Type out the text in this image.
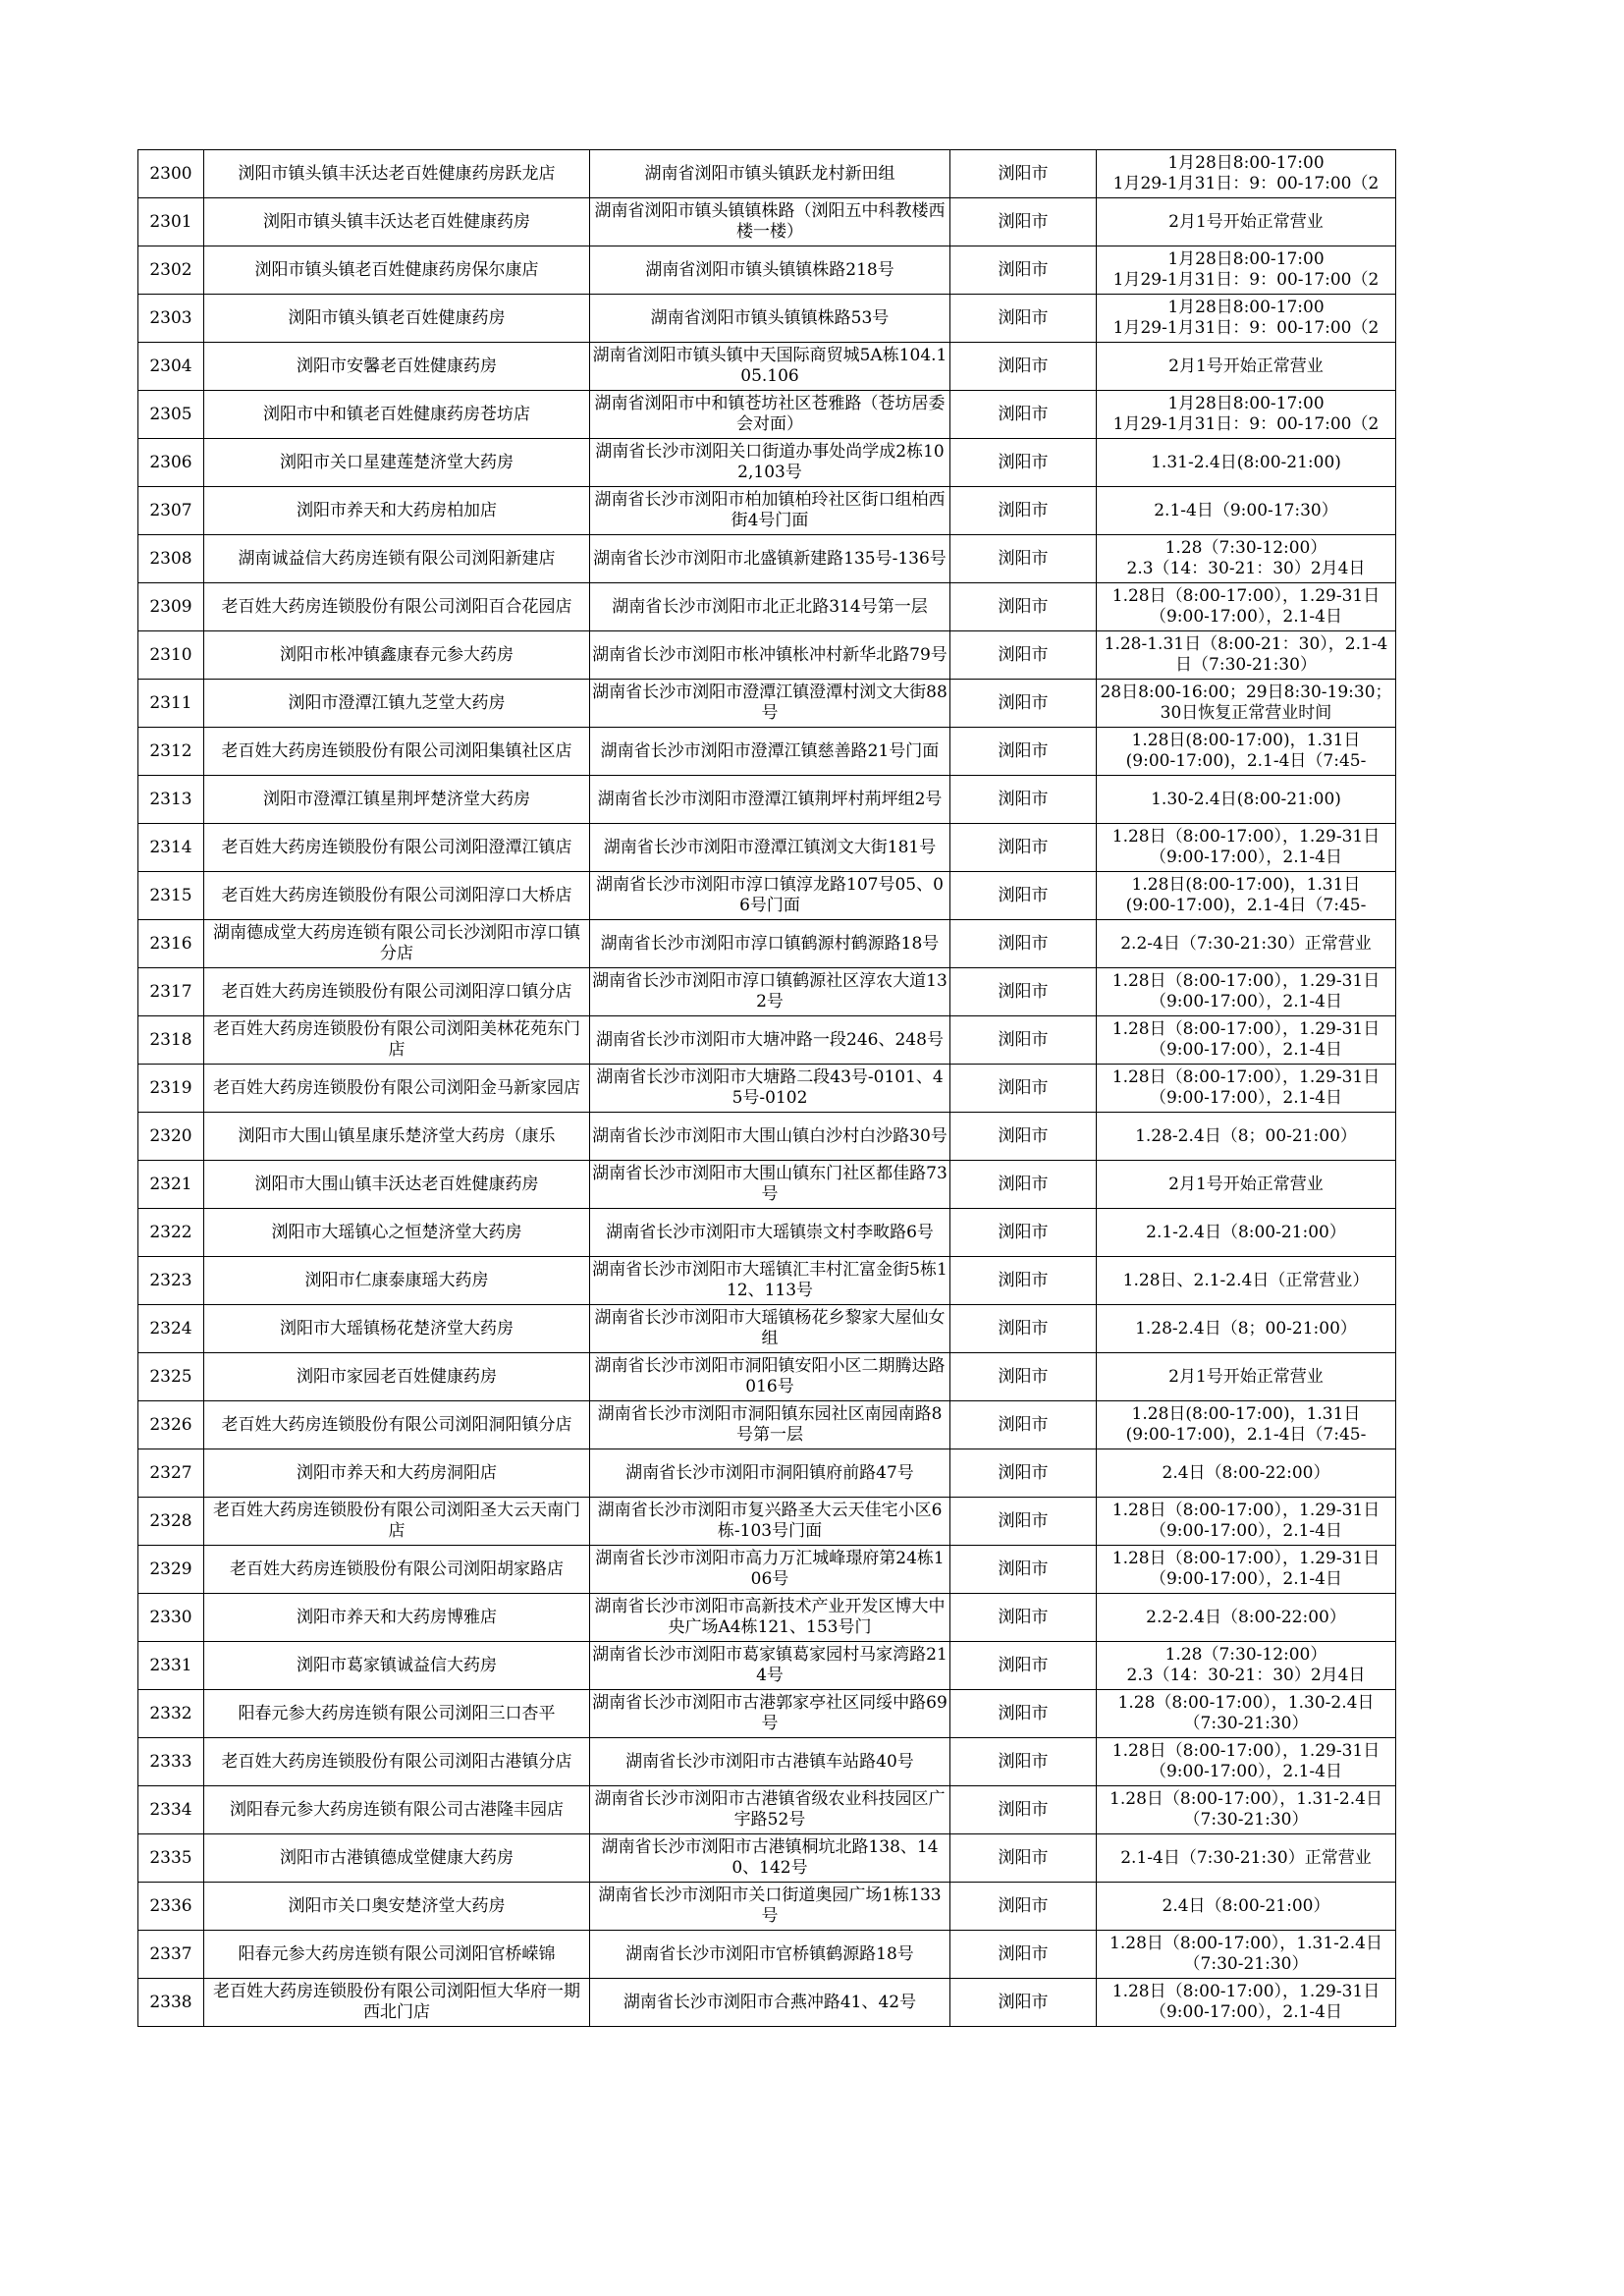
2300	浏阳市镇头镇丰沃达老百姓健康药房跃龙店	湖南省浏阳市镇头镇跃龙村新田组	浏阳市	1月28日8:00-17:00
1月29-1月31日：9：00-17:00（2
2301	浏阳市镇头镇丰沃达老百姓健康药房	湖南省浏阳市镇头镇镇株路（浏阳五中科教楼西楼一楼）	浏阳市	2月1号开始正常营业
2302	浏阳市镇头镇老百姓健康药房保尔康店	湖南省浏阳市镇头镇镇株路218号	浏阳市	1月28日8:00-17:00
1月29-1月31日：9：00-17:00（2
2303	浏阳市镇头镇老百姓健康药房	湖南省浏阳市镇头镇镇株路53号	浏阳市	1月28日8:00-17:00
1月29-1月31日：9：00-17:00（2
2304	浏阳市安馨老百姓健康药房	湖南省浏阳市镇头镇中天国际商贸城5A栋104.105.106	浏阳市	2月1号开始正常营业
2305	浏阳市中和镇老百姓健康药房苍坊店	湖南省浏阳市中和镇苍坊社区苍雅路（苍坊居委会对面）	浏阳市	1月28日8:00-17:00
1月29-1月31日：9：00-17:00（2
2306	浏阳市关口星建莲楚济堂大药房	湖南省长沙市浏阳关口街道办事处尚学成2栋102,103号	浏阳市	1.31-2.4日(8:00-21:00)
2307	浏阳市养天和大药房柏加店	湖南省长沙市浏阳市柏加镇柏玲社区街口组柏西街4号门面	浏阳市	2.1-4日（9:00-17:30）
2308	湖南诚益信大药房连锁有限公司浏阳新建店	湖南省长沙市浏阳市北盛镇新建路135号-136号	浏阳市	1.28（7:30-12:00）
2.3（14：30-21：30）2月4日
2309	老百姓大药房连锁股份有限公司浏阳百合花园店	湖南省长沙市浏阳市北正北路314号第一层	浏阳市	1.28日（8:00-17:00），1.29-31日（9:00-17:00），2.1-4日
2310	浏阳市枨冲镇鑫康春元参大药房	湖南省长沙市浏阳市枨冲镇枨冲村新华北路79号	浏阳市	1.28-1.31日（8:00-21：30），2.1-4日（7:30-21:30）
2311	浏阳市澄潭江镇九芝堂大药房	湖南省长沙市浏阳市澄潭江镇澄潭村浏文大街88号	浏阳市	28日8:00-16:00；29日8:30-19:30；30日恢复正常营业时间
2312	老百姓大药房连锁股份有限公司浏阳集镇社区店	湖南省长沙市浏阳市澄潭江镇慈善路21号门面	浏阳市	1.28日(8:00-17:00)，1.31日
(9:00-17:00)，2.1-4日（7:45-
2313	浏阳市澄潭江镇星荆坪楚济堂大药房	湖南省长沙市浏阳市澄潭江镇荆坪村荊坪组2号	浏阳市	1.30-2.4日(8:00-21:00)
2314	老百姓大药房连锁股份有限公司浏阳澄潭江镇店	湖南省长沙市浏阳市澄潭江镇浏文大街181号	浏阳市	1.28日（8:00-17:00），1.29-31日（9:00-17:00），2.1-4日
2315	老百姓大药房连锁股份有限公司浏阳淳口大桥店	湖南省长沙市浏阳市淳口镇淳龙路107号05、06号门面	浏阳市	1.28日(8:00-17:00)，1.31日
(9:00-17:00)，2.1-4日（7:45-
2316	湖南德成堂大药房连锁有限公司长沙浏阳市淳口镇分店	湖南省长沙市浏阳市淳口镇鹤源村鹤源路18号	浏阳市	2.2-4日（7:30-21:30）正常营业
2317	老百姓大药房连锁股份有限公司浏阳淳口镇分店	湖南省长沙市浏阳市淳口镇鹤源社区淳农大道132号	浏阳市	1.28日（8:00-17:00），1.29-31日（9:00-17:00），2.1-4日
2318	老百姓大药房连锁股份有限公司浏阳美林花苑东门店	湖南省长沙市浏阳市大塘冲路一段246、248号	浏阳市	1.28日（8:00-17:00），1.29-31日（9:00-17:00），2.1-4日
2319	老百姓大药房连锁股份有限公司浏阳金马新家园店	湖南省长沙市浏阳市大塘路二段43号-0101、45号-0102	浏阳市	1.28日（8:00-17:00），1.29-31日（9:00-17:00），2.1-4日
2320	浏阳市大围山镇星康乐楚济堂大药房（康乐	湖南省长沙市浏阳市大围山镇白沙村白沙路30号	浏阳市	1.28-2.4日（8；00-21:00）
2321	浏阳市大围山镇丰沃达老百姓健康药房	湖南省长沙市浏阳市大围山镇东门社区都佳路73号	浏阳市	2月1号开始正常营业
2322	浏阳市大瑶镇心之恒楚济堂大药房	湖南省长沙市浏阳市大瑶镇崇文村李畋路6号	浏阳市	2.1-2.4日（8:00-21:00）
2323	浏阳市仁康泰康瑶大药房	湖南省长沙市浏阳市大瑶镇汇丰村汇富金街5栋112、113号	浏阳市	1.28日、2.1-2.4日（正常营业）
2324	浏阳市大瑶镇杨花楚济堂大药房	湖南省长沙市浏阳市大瑶镇杨花乡黎家大屋仙女组	浏阳市	1.28-2.4日（8；00-21:00）
2325	浏阳市家园老百姓健康药房	湖南省长沙市浏阳市洞阳镇安阳小区二期腾达路016号	浏阳市	2月1号开始正常营业
2326	老百姓大药房连锁股份有限公司浏阳洞阳镇分店	湖南省长沙市浏阳市洞阳镇东园社区南园南路8号第一层	浏阳市	1.28日(8:00-17:00)，1.31日
(9:00-17:00)，2.1-4日（7:45-
2327	浏阳市养天和大药房洞阳店	湖南省长沙市浏阳市洞阳镇府前路47号	浏阳市	2.4日（8:00-22:00）
2328	老百姓大药房连锁股份有限公司浏阳圣大云天南门店	湖南省长沙市浏阳市复兴路圣大云天佳宅小区6栋-103号门面	浏阳市	1.28日（8:00-17:00），1.29-31日（9:00-17:00），2.1-4日
2329	老百姓大药房连锁股份有限公司浏阳胡家路店	湖南省长沙市浏阳市高力万汇城峰璟府第24栋106号	浏阳市	1.28日（8:00-17:00），1.29-31日（9:00-17:00），2.1-4日
2330	浏阳市养天和大药房博雅店	湖南省长沙市浏阳市高新技术产业开发区博大中央广场A4栋121、153号门	浏阳市	2.2-2.4日（8:00-22:00）
2331	浏阳市葛家镇诚益信大药房	湖南省长沙市浏阳市葛家镇葛家园村马家湾路214号	浏阳市	1.28（7:30-12:00）
2.3（14：30-21：30）2月4日
2332	阳春元参大药房连锁有限公司浏阳三口杏平	湖南省长沙市浏阳市古港郭家亭社区同绥中路69号	浏阳市	1.28（8:00-17:00），1.30-2.4日
（7:30-21:30）
2333	老百姓大药房连锁股份有限公司浏阳古港镇分店	湖南省长沙市浏阳市古港镇车站路40号	浏阳市	1.28日（8:00-17:00），1.29-31日（9:00-17:00），2.1-4日
2334	浏阳春元参大药房连锁有限公司古港隆丰园店	湖南省长沙市浏阳市古港镇省级农业科技园区广宇路52号	浏阳市	1.28日（8:00-17:00），1.31-2.4日（7:30-21:30）
2335	浏阳市古港镇德成堂健康大药房	湖南省长沙市浏阳市古港镇桐坑北路138、140、142号	浏阳市	2.1-4日（7:30-21:30）正常营业
2336	浏阳市关口奥安楚济堂大药房	湖南省长沙市浏阳市关口街道奥园广场1栋133号	浏阳市	2.4日（8:00-21:00）
2337	阳春元参大药房连锁有限公司浏阳官桥嵘锦	湖南省长沙市浏阳市官桥镇鹤源路18号	浏阳市	1.28日（8:00-17:00），1.31-2.4日（7:30-21:30）
2338	老百姓大药房连锁股份有限公司浏阳恒大华府一期西北门店	湖南省长沙市浏阳市合燕冲路41、42号	浏阳市	1.28日（8:00-17:00），1.29-31日（9:00-17:00），2.1-4日
